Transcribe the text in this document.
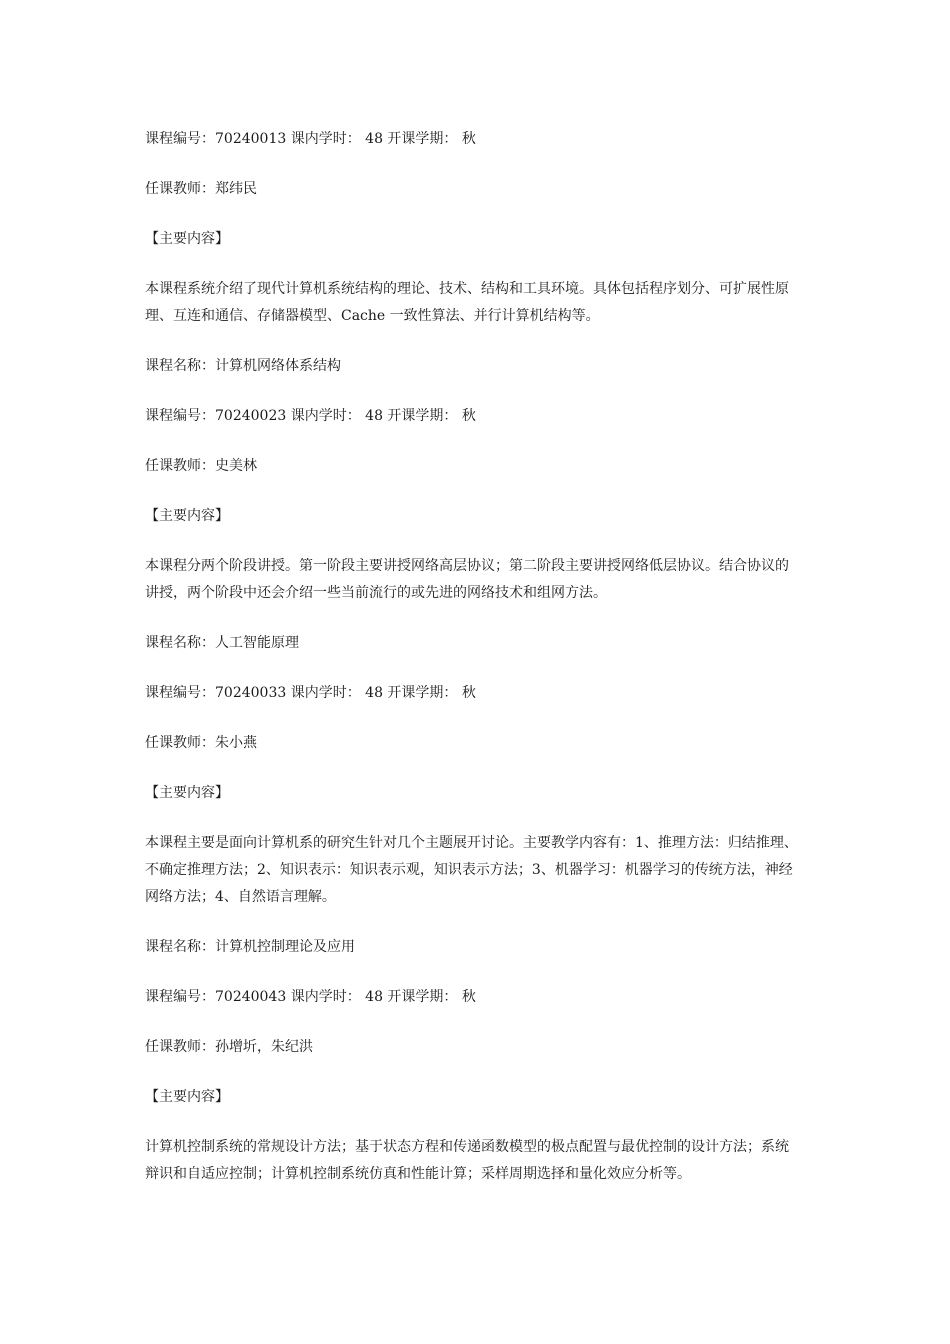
课程编号：70240013 课内学时： 48 开课学期： 秋

任课教师：郑纬民

【主要内容】

本课程系统介绍了现代计算机系统结构的理论、技术、结构和工具环境。具体包括程序划分、可扩展性原

理、互连和通信、存储器模型、Cache 一致性算法、并行计算机结构等。

课程名称：计算机网络体系结构

课程编号：70240023 课内学时： 48 开课学期： 秋

任课教师：史美林

【主要内容】

本课程分两个阶段讲授。第一阶段主要讲授网络高层协议；第二阶段主要讲授网络低层协议。结合协议的

讲授，两个阶段中还会介绍一些当前流行的或先进的网络技术和组网方法。

课程名称：人工智能原理

课程编号：70240033 课内学时： 48 开课学期： 秋

任课教师：朱小燕

【主要内容】

本课程主要是面向计算机系的研究生针对几个主题展开讨论。主要教学内容有：1、推理方法：归结推理、

不确定推理方法；2、知识表示：知识表示观，知识表示方法；3、机器学习：机器学习的传统方法，神经

网络方法；4、自然语言理解。

课程名称：计算机控制理论及应用

课程编号：70240043 课内学时： 48 开课学期： 秋

任课教师：孙增圻，朱纪洪

【主要内容】

计算机控制系统的常规设计方法；基于状态方程和传递函数模型的极点配置与最优控制的设计方法；系统

辩识和自适应控制；计算机控制系统仿真和性能计算；采样周期选择和量化效应分析等。
